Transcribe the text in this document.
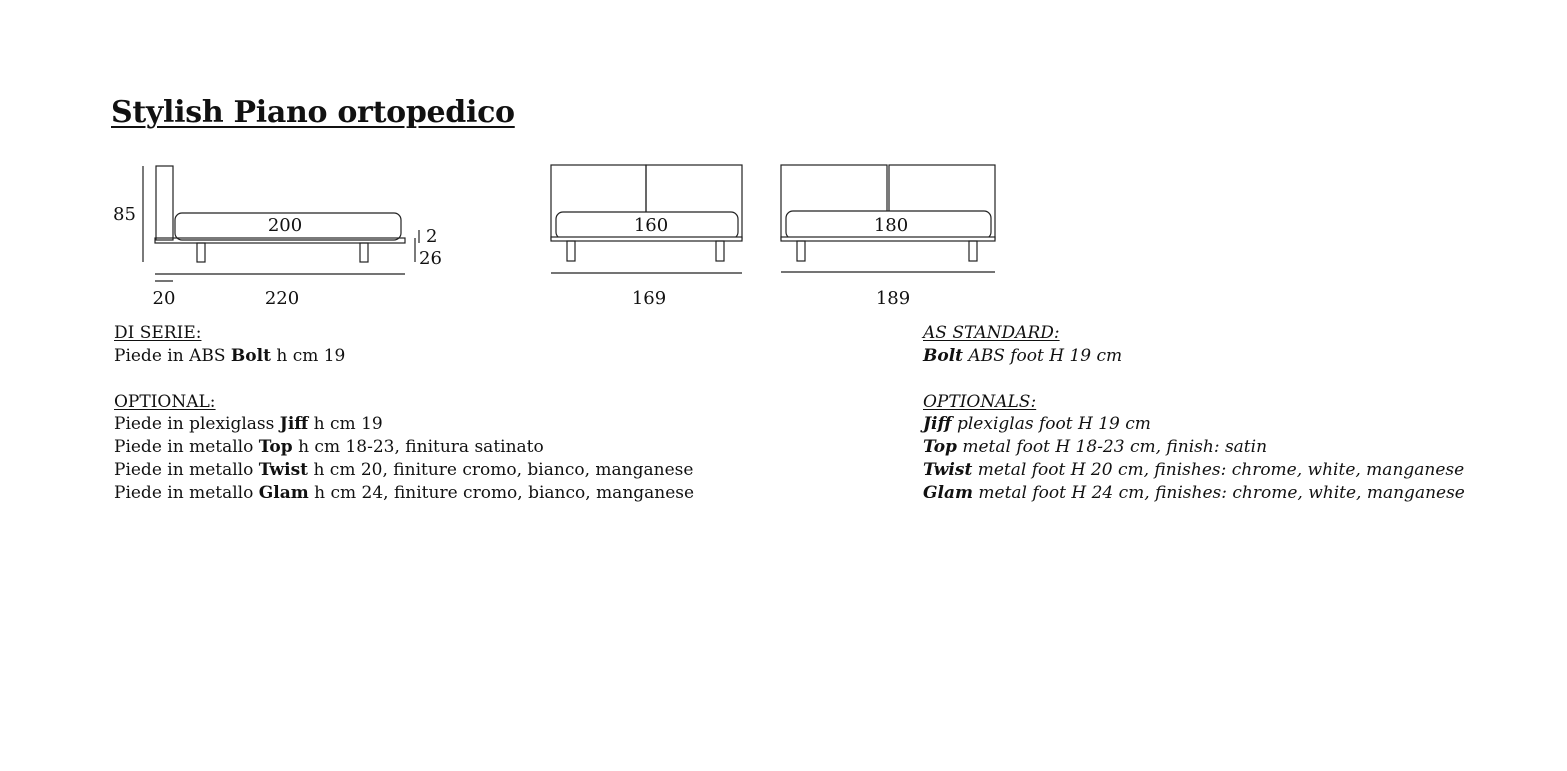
Stylish Piano ortopedico
85
200
2
26
20	220
160
169
180
189
DI SERIE:
Piede in ABS Bolt h cm 19
OPTIONAL:
Piede in plexiglass Jiff h cm 19
Piede in metallo Top h cm 18-23, finitura satinato
Piede in metallo Twist h cm 20, finiture cromo, bianco, manganese
Piede in metallo Glam h cm 24, finiture cromo, bianco, manganese
AS STANDARD:
Bolt ABS foot H 19 cm
OPTIONALS:
Jiff plexiglas foot H 19 cm
Top metal foot H 18-23 cm, finish: satin
Twist metal foot H 20 cm, finishes: chrome, white, manganese
Glam metal foot H 24 cm, finishes: chrome, white, manganese
